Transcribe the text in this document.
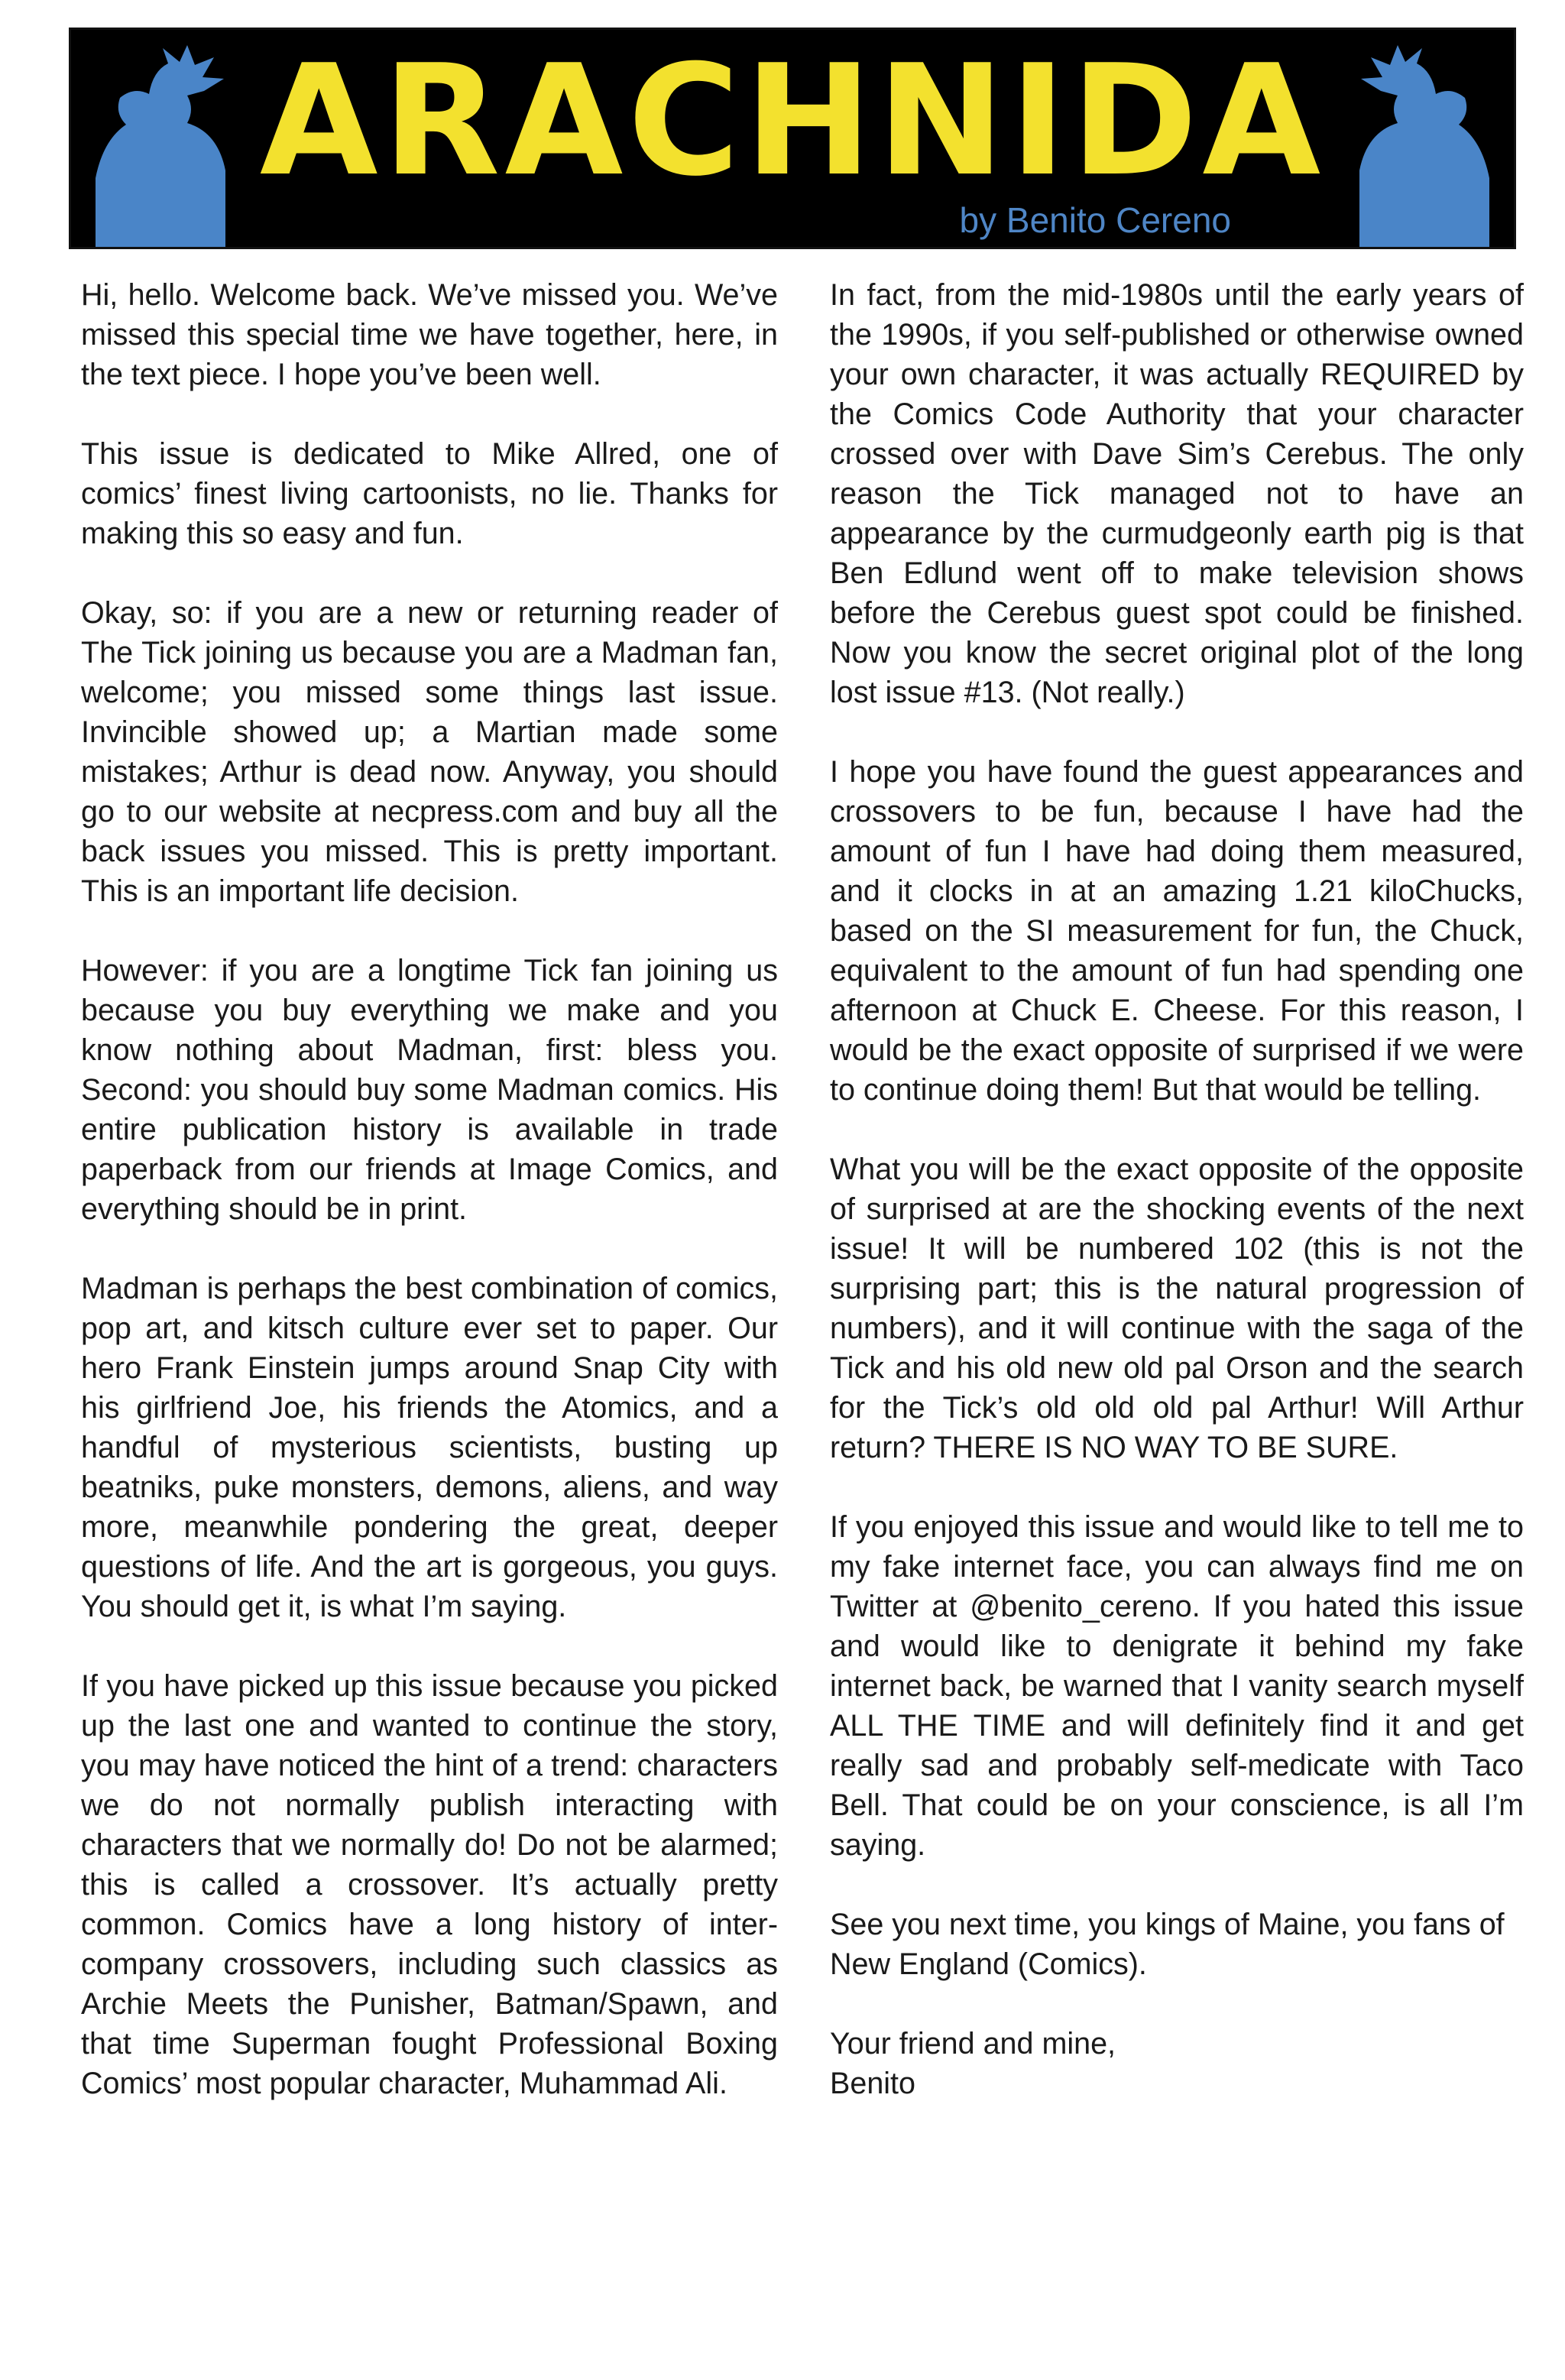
ARACHNIDA
by Benito Cereno

Hi, hello. Welcome back. We’ve missed you. We’ve missed this special time we have together, here, in the text piece. I hope you’ve been well.

This issue is dedicated to Mike Allred, one of comics’ finest living cartoonists, no lie. Thanks for making this so easy and fun.

Okay, so: if you are a new or returning reader of The Tick joining us because you are a Madman fan, welcome; you missed some things last issue. Invincible showed up; a Martian made some mistakes; Arthur is dead now. Anyway, you should go to our website at necpress.com and buy all the back issues you missed. This is pretty important. This is an important life decision.

However: if you are a longtime Tick fan joining us because you buy everything we make and you know nothing about Madman, first: bless you. Second: you should buy some Madman comics. His entire publication history is available in trade paperback from our friends at Image Comics, and everything should be in print.

Madman is perhaps the best combination of comics, pop art, and kitsch culture ever set to paper. Our hero Frank Einstein jumps around Snap City with his girlfriend Joe, his friends the Atomics, and a handful of mysterious scientists, busting up beatniks, puke monsters, demons, aliens, and way more, meanwhile pondering the great, deeper questions of life. And the art is gorgeous, you guys. You should get it, is what I’m saying.

If you have picked up this issue because you picked up the last one and wanted to continue the story, you may have noticed the hint of a trend: characters we do not normally publish interacting with characters that we normally do! Do not be alarmed; this is called a crossover. It’s actually pretty common. Comics have a long history of inter-company crossovers, including such classics as Archie Meets the Punisher, Batman/Spawn, and that time Superman fought Professional Boxing Comics’ most popular character, Muhammad Ali.

In fact, from the mid-1980s until the early years of the 1990s, if you self-published or otherwise owned your own character, it was actually REQUIRED by the Comics Code Authority that your character crossed over with Dave Sim’s Cerebus. The only reason the Tick managed not to have an appearance by the curmudgeonly earth pig is that Ben Edlund went off to make television shows before the Cerebus guest spot could be finished. Now you know the secret original plot of the long lost issue #13. (Not really.)

I hope you have found the guest appearances and crossovers to be fun, because I have had the amount of fun I have had doing them measured, and it clocks in at an amazing 1.21 kiloChucks, based on the SI measurement for fun, the Chuck, equivalent to the amount of fun had spending one afternoon at Chuck E. Cheese. For this reason, I would be the exact opposite of surprised if we were to continue doing them! But that would be telling.

What you will be the exact opposite of the opposite of surprised at are the shocking events of the next issue! It will be numbered 102 (this is not the surprising part; this is the natural progression of numbers), and it will continue with the saga of the Tick and his old new old pal Orson and the search for the Tick’s old old old pal Arthur! Will Arthur return? THERE IS NO WAY TO BE SURE.

If you enjoyed this issue and would like to tell me to my fake internet face, you can always find me on Twitter at @benito_cereno. If you hated this issue and would like to denigrate it behind my fake internet back, be warned that I vanity search myself ALL THE TIME and will definitely find it and get really sad and probably self-medicate with Taco Bell. That could be on your conscience, is all I’m saying.

See you next time, you kings of Maine, you fans of New England (Comics).

Your friend and mine,

Benito
